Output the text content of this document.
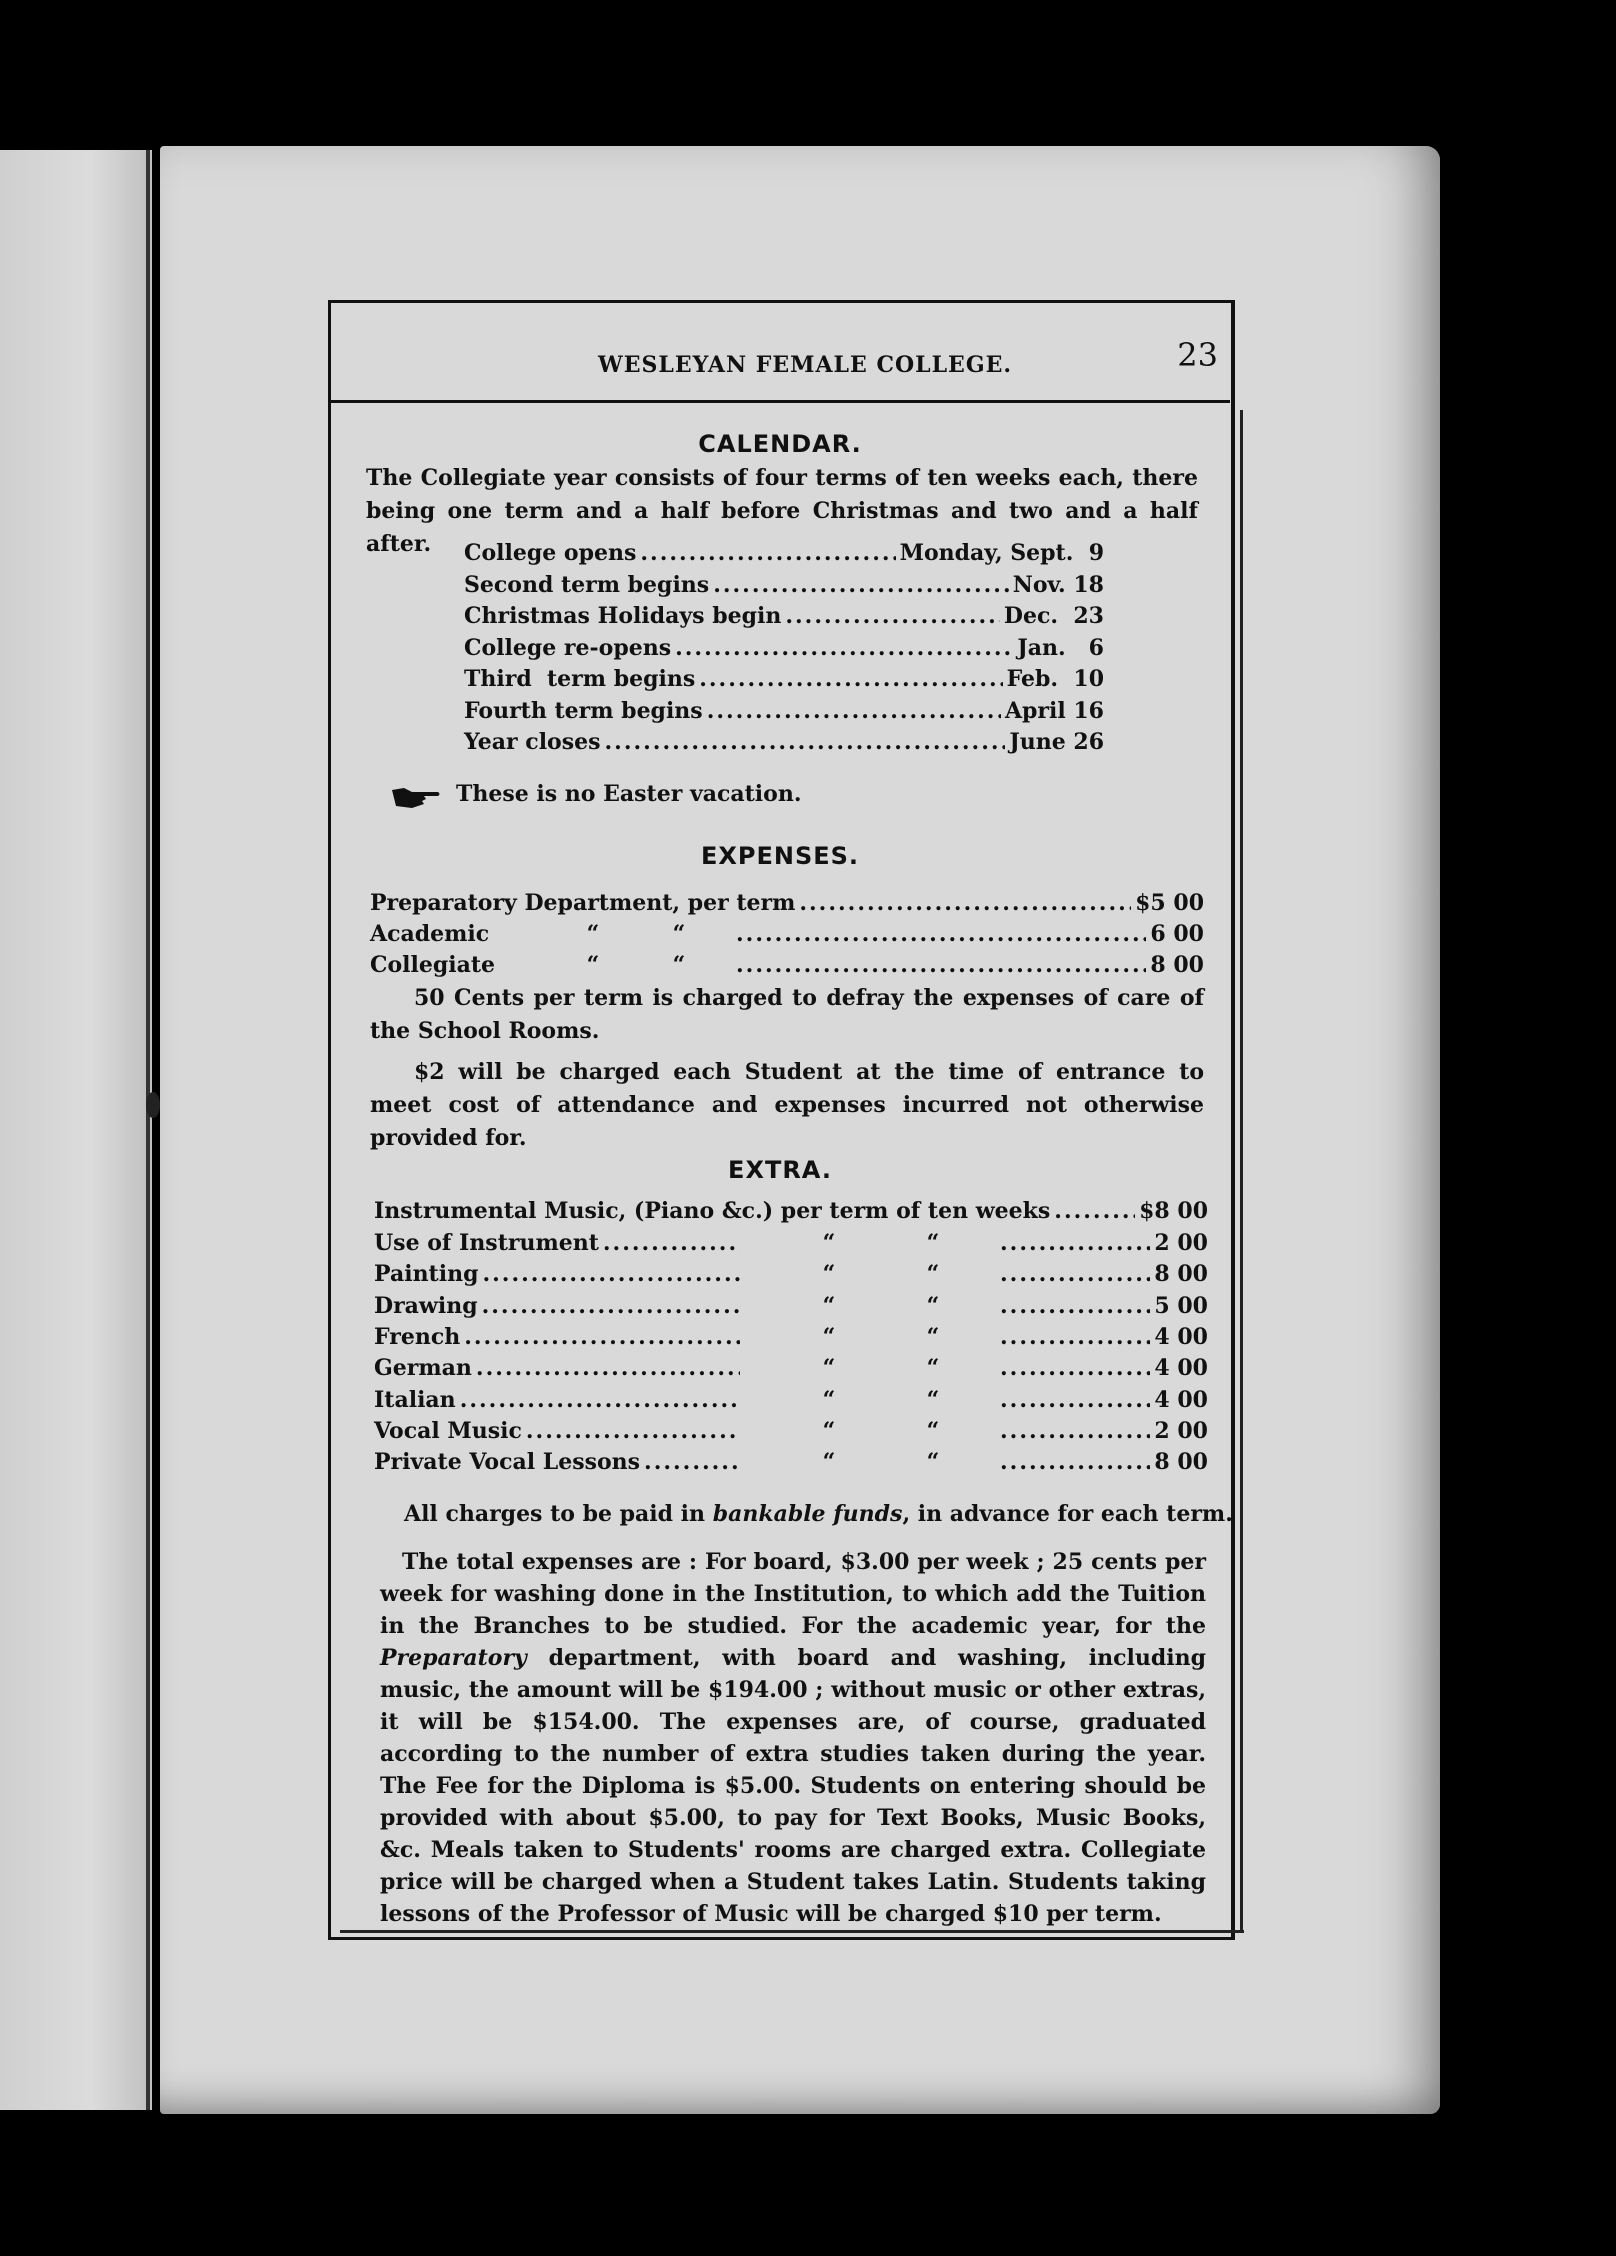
WESLEYAN FEMALE COLLEGE.	23
CALENDAR.
The Collegiate year consists of four terms of ten weeks each, there being one term and a half before Christmas and two and a half after.	College opens .....	Monday, Sept.  9
Second term begins .....	Nov. 18
Christmas Holidays begin .....	Dec.  23
College re-opens .....	Jan.   6
Third  term begins .....	Feb.  10
Fourth term begins .....	April 16
Year closes .....	June 26
These is no Easter vacation.
EXPENSES.
Preparatory Department, per term .....	$5 00
Academic	“	“ .....	6 00
Collegiate	“	“ .....	8 00
50 Cents per term is charged to defray the expenses of care of the School Rooms.
$2 will be charged each Student at the time of entrance to meet cost of attendance and expenses incurred not otherwise provided for.
EXTRA.
Instrumental Music, (Piano &c.) per term of ten weeks .....	$8 00
Use of Instrument .....	“	“ .....	2 00
Painting .....	“	“ .....	8 00
Drawing .....	“	“ .....	5 00
French .....	“	“ .....	4 00
German .....	“	“ .....	4 00
Italian .....	“	“ .....	4 00
Vocal Music .....	“	“ .....	2 00
Private Vocal Lessons .....	“	“ .....	8 00
All charges to be paid in bankable funds, in advance for each term.
The total expenses are : For board, $3.00 per week ; 25 cents per week for washing done in the Institution, to which add the Tuition in the Branches to be studied. For the academic year, for the Preparatory department, with board and washing, including music, the amount will be $194.00 ; without music or other extras, it will be $154.00. The expenses are, of course, graduated according to the number of extra studies taken during the year. The Fee for the Diploma is $5.00. Students on entering should be provided with about $5.00, to pay for Text Books, Music Books, &c. Meals taken to Students' rooms are charged extra. Collegiate price will be charged when a Student takes Latin. Students taking lessons of the Professor of Music will be charged $10 per term.
